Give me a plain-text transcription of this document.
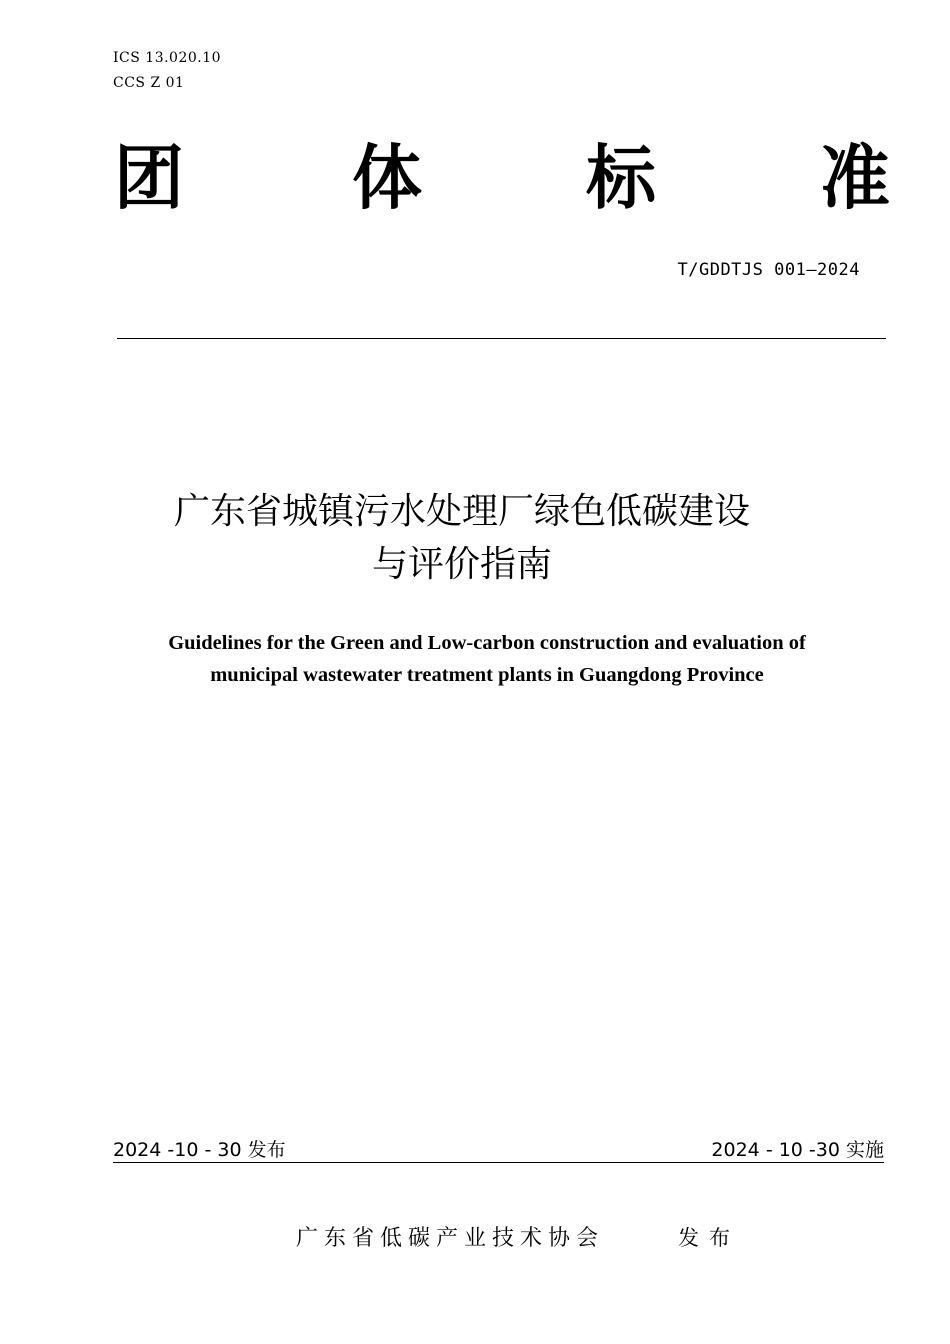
ICS 13.020.10
CCS Z 01
团 体 标 准
T/GDDTJS 001—2024
广东省城镇污水处理厂绿色低碳建设
与评价指南
Guidelines for the Green and Low-carbon construction and evaluation of
municipal wastewater treatment plants in Guangdong Province
2024 -10 - 30 发布	2024 - 10 -30 实施
广东省低碳产业技术协会	发布
